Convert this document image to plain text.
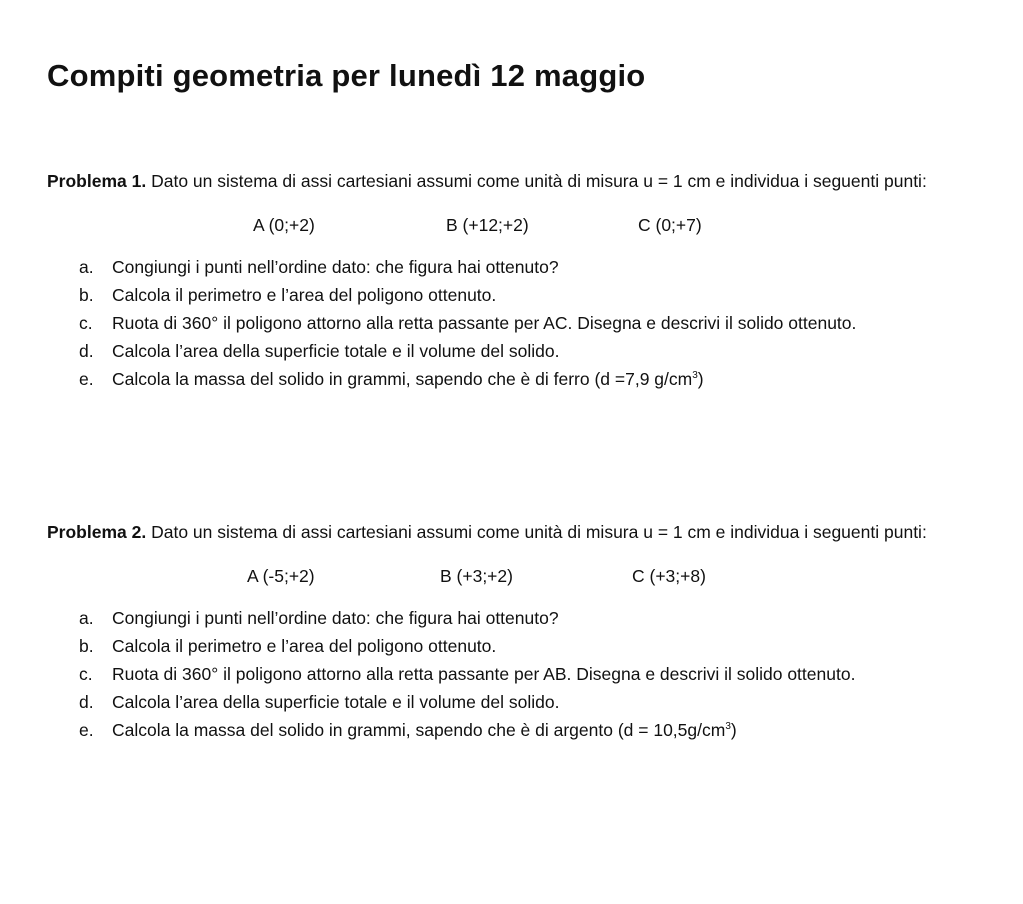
Compiti geometria per lunedì 12 maggio

Problema 1. Dato un sistema di assi cartesiani assumi come unità di misura u = 1 cm e individua i seguenti punti:

A (0;+2)	B (+12;+2)	C (0;+7)
a. Congiungi i punti nell’ordine dato: che figura hai ottenuto?
b. Calcola il perimetro e l’area del poligono ottenuto.
c. Ruota di 360° il poligono attorno alla retta passante per AC. Disegna e descrivi il solido ottenuto.
d. Calcola l’area della superficie totale e il volume del solido.
e. Calcola la massa del solido in grammi, sapendo che è di ferro (d =7,9 $g/cm^3$)

Problema 2. Dato un sistema di assi cartesiani assumi come unità di misura u = 1 cm e individua i seguenti punti:

A (-5;+2)	B (+3;+2)	C (+3;+8)
a. Congiungi i punti nell’ordine dato: che figura hai ottenuto?
b. Calcola il perimetro e l’area del poligono ottenuto.
c. Ruota di 360° il poligono attorno alla retta passante per AB. Disegna e descrivi il solido ottenuto.
d. Calcola l’area della superficie totale e il volume del solido.
e. Calcola la massa del solido in grammi, sapendo che è di argento $(d = 10,5g/cm^3)$
